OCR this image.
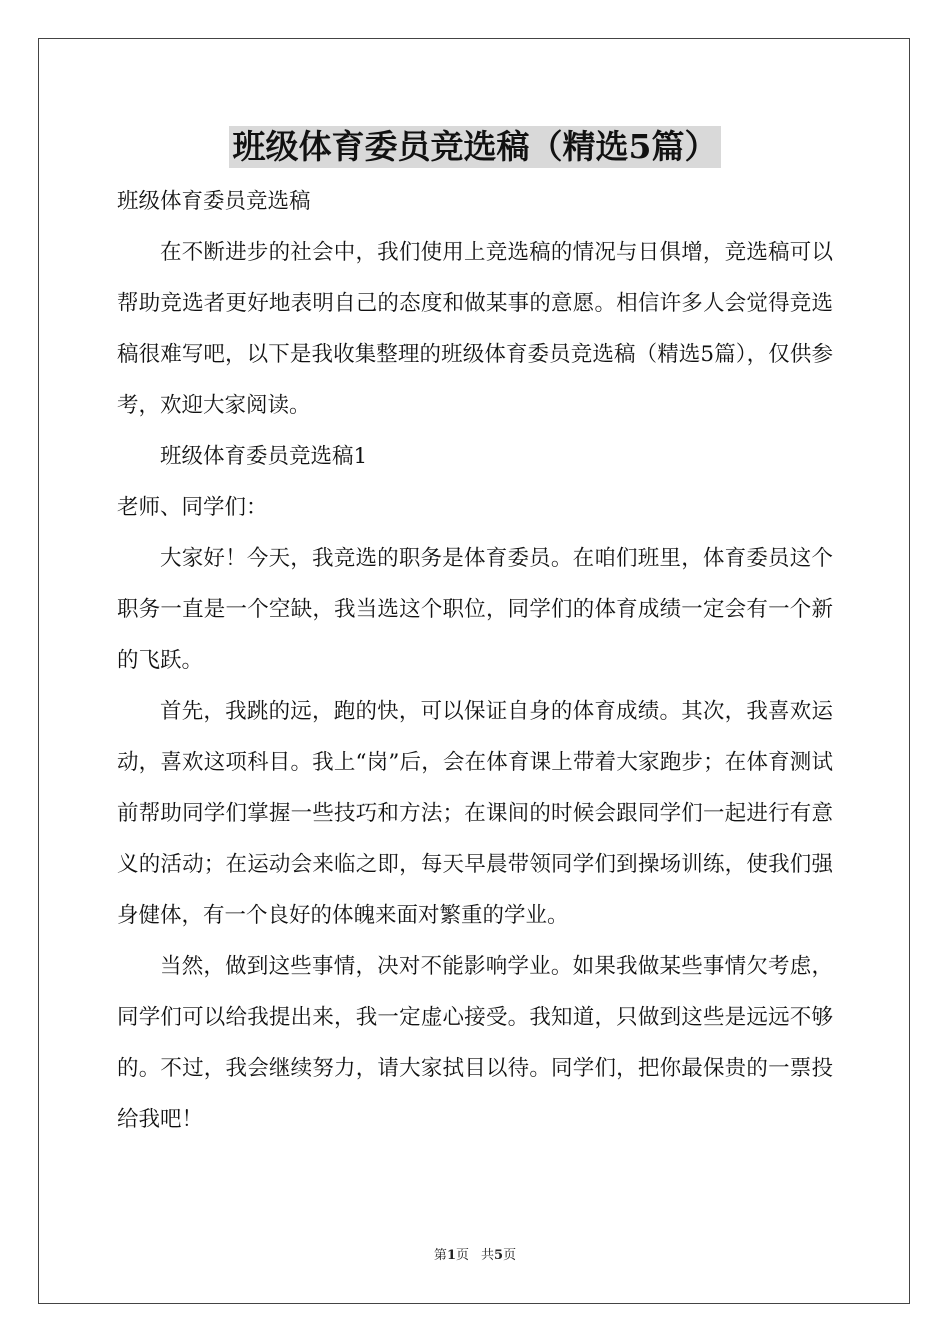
班级体育委员竞选稿（精选5篇）

班级体育委员竞选稿

在不断进步的社会中，我们使用上竞选稿的情况与日俱增，竞选稿可以帮助竞选者更好地表明自己的态度和做某事的意愿。相信许多人会觉得竞选稿很难写吧，以下是我收集整理的班级体育委员竞选稿（精选5篇），仅供参考，欢迎大家阅读。

班级体育委员竞选稿1

老师、同学们：

大家好！今天，我竞选的职务是体育委员。在咱们班里，体育委员这个职务一直是一个空缺，我当选这个职位，同学们的体育成绩一定会有一个新的飞跃。

首先，我跳的远，跑的快，可以保证自身的体育成绩。其次，我喜欢运动，喜欢这项科目。我上“岗”后，会在体育课上带着大家跑步；在体育测试前帮助同学们掌握一些技巧和方法；在课间的时候会跟同学们一起进行有意义的活动；在运动会来临之即，每天早晨带领同学们到操场训练，使我们强身健体，有一个良好的体魄来面对繁重的学业。

当然，做到这些事情，决对不能影响学业。如果我做某些事情欠考虑，同学们可以给我提出来，我一定虚心接受。我知道，只做到这些是远远不够的。不过，我会继续努力，请大家拭目以待。同学们，把你最保贵的一票投给我吧！

第1页 共5页
